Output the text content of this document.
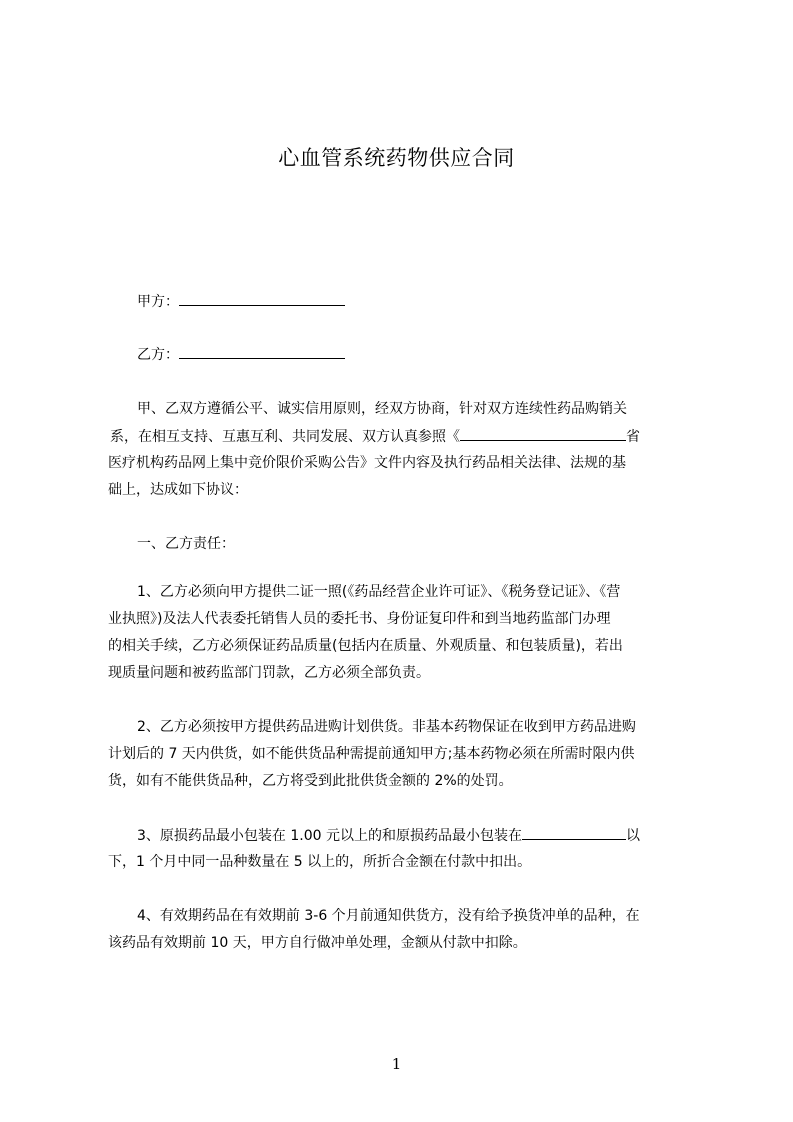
心血管系统药物供应合同
甲方：
乙方：
甲、乙双方遵循公平、诚实信用原则，经双方协商，针对双方连续性药品购销关
系，在相互支持、互惠互利、共同发展、双方认真参照《	省
医疗机构药品网上集中竞价限价采购公告》文件内容及执行药品相关法律、法规的基
础上，达成如下协议：
一、乙方责任：
1、乙方必须向甲方提供二证一照(《药品经营企业许可证》、《税务登记证》、《营
业执照》)及法人代表委托销售人员的委托书、身份证复印件和到当地药监部门办理
的相关手续，乙方必须保证药品质量(包括内在质量、外观质量、和包装质量)，若出
现质量问题和被药监部门罚款，乙方必须全部负责。
2、乙方必须按甲方提供药品进购计划供货。非基本药物保证在收到甲方药品进购
计划后的 7 天内供货，如不能供货品种需提前通知甲方;基本药物必须在所需时限内供
货，如有不能供货品种，乙方将受到此批供货金额的 2%的处罚。
3、原损药品最小包装在 1.00 元以上的和原损药品最小包装在	以
下，1 个月中同一品种数量在 5 以上的，所折合金额在付款中扣出。
4、有效期药品在有效期前 3-6 个月前通知供货方，没有给予换货冲单的品种，在
该药品有效期前 10 天，甲方自行做冲单处理，金额从付款中扣除。
1
